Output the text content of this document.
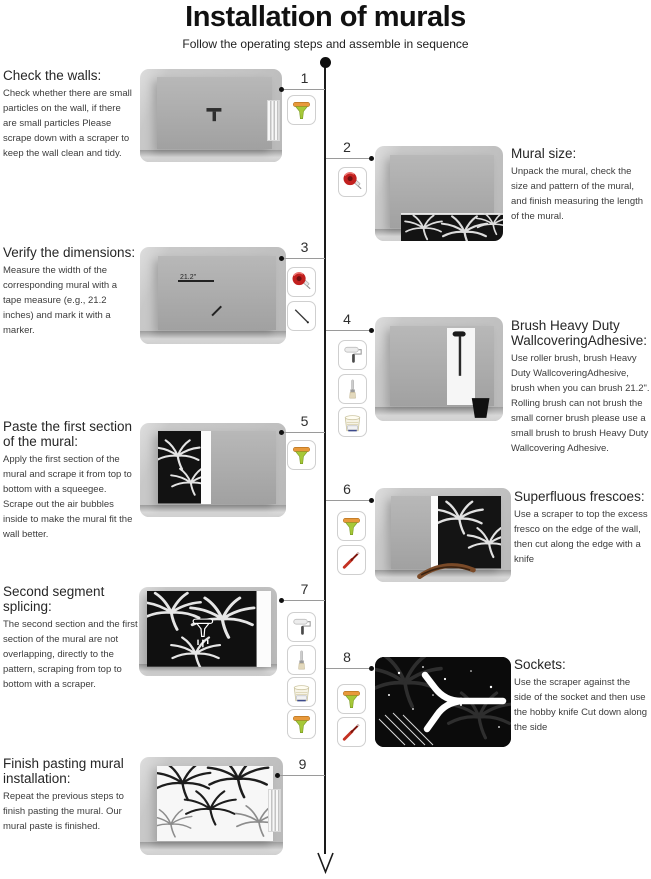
Installation of murals
Follow the operating steps and assemble in sequence
Check the walls:

Check whether there are small particles on the wall, if there are small particles Please scrape down with a scraper to keep the wall clean and tidy.

1
2	Mural size:

Unpack the mural, check the size and pattern of the mural, and finish measuring the length of the mural.

Verify the dimensions:

Measure the width of the corresponding mural with a tape measure (e.g., 21.2 inches) and mark it with a marker.

21.2"
3
4	Brush Heavy Duty WallcoveringAdhesive:

Use roller brush, brush Heavy Duty WallcoveringAdhesive, brush when you can brush 21.2". Rolling brush can not brush the small corner brush please use a small brush to brush Heavy Duty Wallcovering Adhesive.

Paste the first section of the mural:

Apply the first section of the mural and scrape it from top to bottom with a squeegee. Scrape out the air bubbles inside to make the mural fit the wall better.

5
6	Superfluous frescoes:

Use a scraper to top the excess fresco on the edge of the wall, then cut along the edge with a knife

Second segment splicing:

The second section and the first section of the mural are not overlapping, directly to the pattern, scraping from top to bottom with a scraper.

7
8	Sockets:

Use the scraper against the side of the socket and then use the hobby knife Cut down along the side

Finish pasting mural installation:

Repeat the previous steps to finish pasting the mural. Our mural paste is finished.

9
